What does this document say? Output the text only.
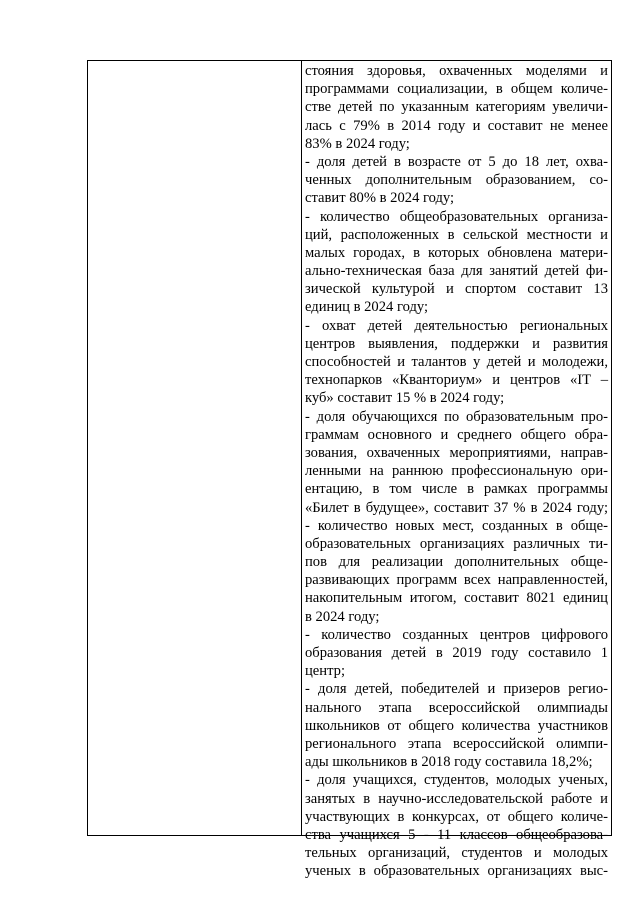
стояния здоровья, охваченных моделями и
программами социализации, в общем количе-
стве детей по указанным категориям увеличи-
лась с 79% в 2014 году и составит не менее
83% в 2024 году;
- доля детей в возрасте от 5 до 18 лет, охва-
ченных дополнительным образованием, со-
ставит 80% в 2024 году;
- количество общеобразовательных организа-
ций, расположенных в сельской местности и
малых городах, в которых обновлена матери-
ально-техническая база для занятий детей фи-
зической культурой и спортом составит 13
единиц в 2024 году;
- охват детей деятельностью региональных
центров выявления, поддержки и развития
способностей и талантов у детей и молодежи,
технопарков «Кванториум» и центров «IT –
куб» составит 15 % в 2024 году;
- доля обучающихся по образовательным про-
граммам основного и среднего общего обра-
зования, охваченных мероприятиями, направ-
ленными на раннюю профессиональную ори-
ентацию, в том числе в рамках программы
«Билет в будущее», составит 37 % в 2024 году;
- количество новых мест, созданных в обще-
образовательных организациях различных ти-
пов для реализации дополнительных обще-
развивающих программ всех направленностей,
накопительным итогом, составит 8021 единиц
в 2024 году;
- количество созданных центров цифрового
образования детей в 2019 году составило 1
центр;
- доля детей, победителей и призеров регио-
нального этапа всероссийской олимпиады
школьников от общего количества участников
регионального этапа всероссийской олимпи-
ады школьников в 2018 году составила 18,2%;
- доля учащихся, студентов, молодых ученых,
занятых в научно-исследовательской работе и
участвующих в конкурсах, от общего количе-
ства учащихся 5 - 11 классов общеобразова-
тельных организаций, студентов и молодых
ученых в образовательных организациях выс-
